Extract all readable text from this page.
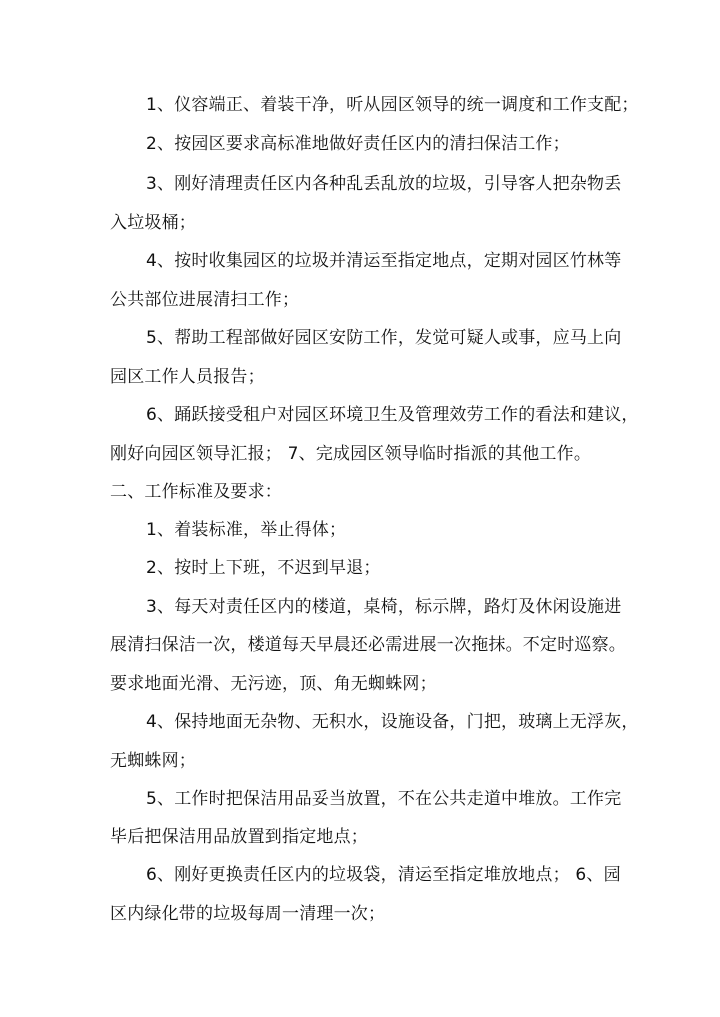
1、仪容端正、着装干净，听从园区领导的统一调度和工作支配；
2、按园区要求高标准地做好责任区内的清扫保洁工作；
3、刚好清理责任区内各种乱丢乱放的垃圾，引导客人把杂物丢
入垃圾桶；
4、按时收集园区的垃圾并清运至指定地点，定期对园区竹林等
公共部位进展清扫工作；
5、帮助工程部做好园区安防工作，发觉可疑人或事，应马上向
园区工作人员报告；
6、踊跃接受租户对园区环境卫生及管理效劳工作的看法和建议，
刚好向园区领导汇报； 7、完成园区领导临时指派的其他工作。
二、工作标准及要求：
1、着装标准，举止得体；
2、按时上下班，不迟到早退；
3、每天对责任区内的楼道，桌椅，标示牌，路灯及休闲设施进
展清扫保洁一次，楼道每天早晨还必需进展一次拖抹。不定时巡察。
要求地面光滑、无污迹，顶、角无蜘蛛网；
4、保持地面无杂物、无积水，设施设备，门把，玻璃上无浮灰，
无蜘蛛网；
5、工作时把保洁用品妥当放置，不在公共走道中堆放。工作完
毕后把保洁用品放置到指定地点；
6、刚好更换责任区内的垃圾袋，清运至指定堆放地点； 6、园
区内绿化带的垃圾每周一清理一次；
